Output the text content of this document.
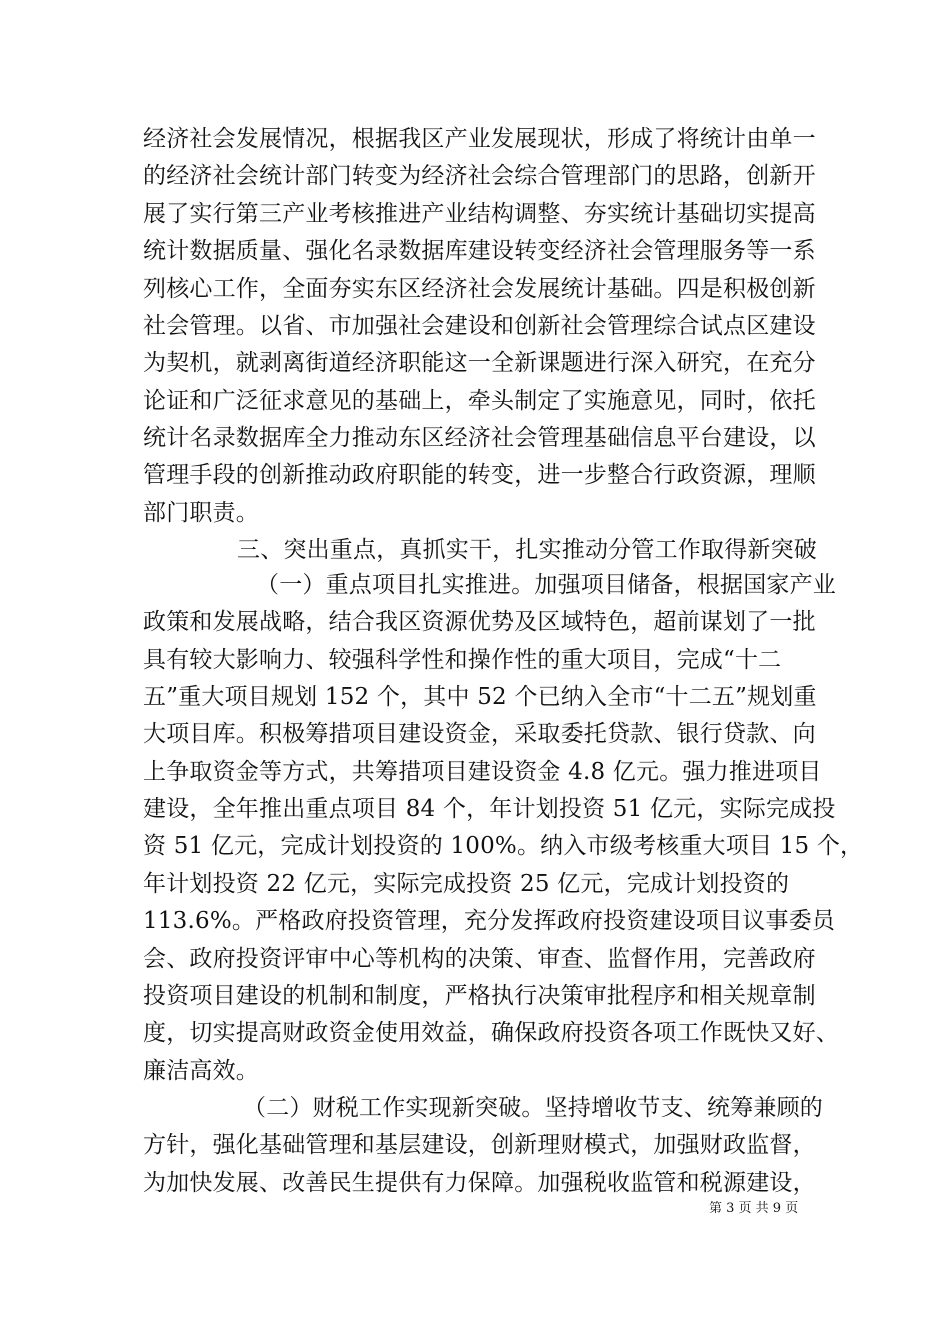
经济社会发展情况，根据我区产业发展现状，形成了将统计由单一
的经济社会统计部门转变为经济社会综合管理部门的思路，创新开
展了实行第三产业考核推进产业结构调整、夯实统计基础切实提高
统计数据质量、强化名录数据库建设转变经济社会管理服务等一系
列核心工作，全面夯实东区经济社会发展统计基础。四是积极创新
社会管理。以省、市加强社会建设和创新社会管理综合试点区建设
为契机，就剥离街道经济职能这一全新课题进行深入研究，在充分
论证和广泛征求意见的基础上，牵头制定了实施意见，同时，依托
统计名录数据库全力推动东区经济社会管理基础信息平台建设，以
管理手段的创新推动政府职能的转变，进一步整合行政资源，理顺
部门职责。
三、突出重点，真抓实干，扎实推动分管工作取得新突破
（一）重点项目扎实推进。加强项目储备，根据国家产业
政策和发展战略，结合我区资源优势及区域特色，超前谋划了一批
具有较大影响力、较强科学性和操作性的重大项目，完成“十二
五”重大项目规划 152 个，其中 52 个已纳入全市“十二五”规划重
大项目库。积极筹措项目建设资金，采取委托贷款、银行贷款、向
上争取资金等方式，共筹措项目建设资金 4.8 亿元。强力推进项目
建设，全年推出重点项目 84 个，年计划投资 51 亿元，实际完成投
资 51 亿元，完成计划投资的 100%。纳入市级考核重大项目 15 个，
年计划投资 22 亿元，实际完成投资 25 亿元，完成计划投资的
113.6%。严格政府投资管理，充分发挥政府投资建设项目议事委员
会、政府投资评审中心等机构的决策、审查、监督作用，完善政府
投资项目建设的机制和制度，严格执行决策审批程序和相关规章制
度，切实提高财政资金使用效益，确保政府投资各项工作既快又好、
廉洁高效。
（二）财税工作实现新突破。坚持增收节支、统筹兼顾的
方针，强化基础管理和基层建设，创新理财模式，加强财政监督，
为加快发展、改善民生提供有力保障。加强税收监管和税源建设，
第 3 页 共 9 页
